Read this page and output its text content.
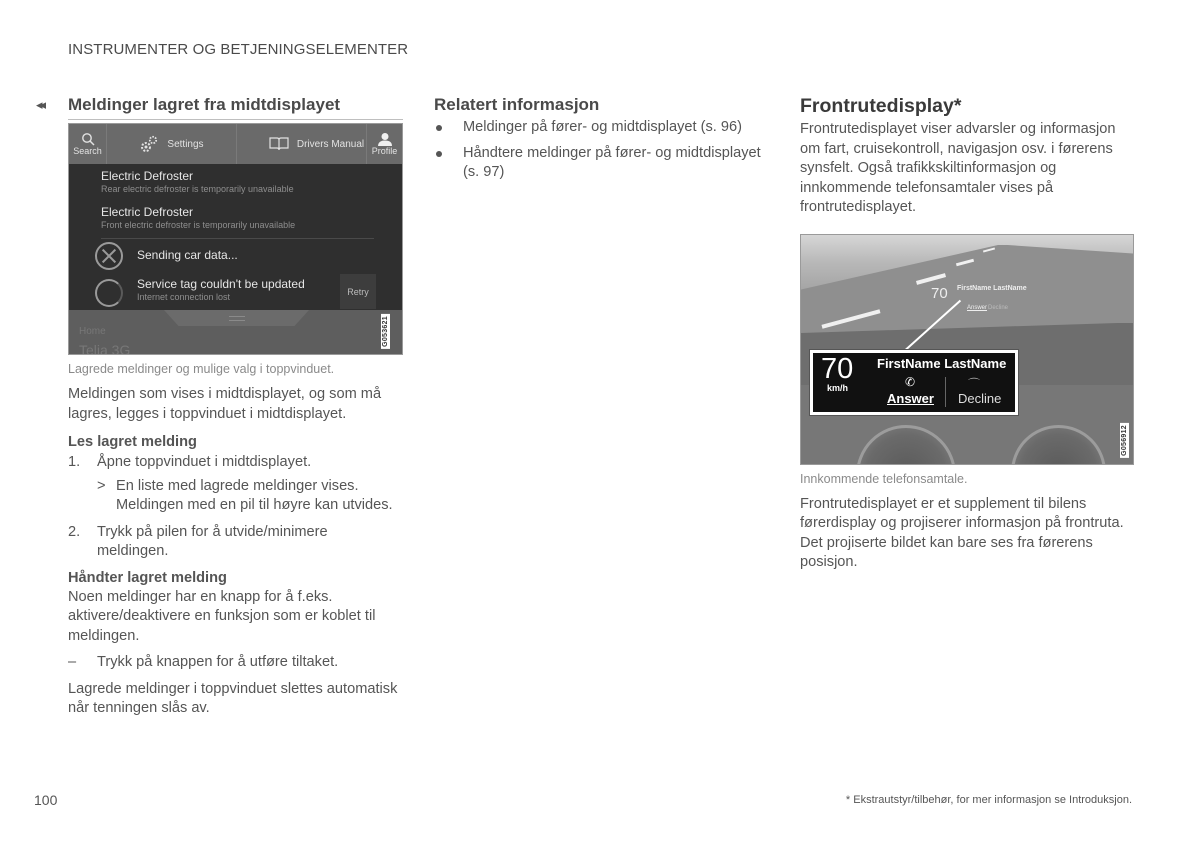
INSTRUMENTER OG BETJENINGSELEMENTER
◂◂ Meldinger lagret fra midtdisplayet
Search
Settings	Drivers Manual
Profile
Electric Defroster
Rear electric defroster is temporarily unavailable
Electric Defroster
Front electric defroster is temporarily unavailable
Sending car data...
Service tag couldn't be updated
Internet connection lost
Retry
Home
Telia 3G
G053621
Lagrede meldinger og mulige valg i toppvinduet.

Meldingen som vises i midtdisplayet, og som må lagres, legges i toppvinduet i midtdisplayet.

Les lagret melding
1. Åpne toppvinduet i midtdisplayet.
> En liste med lagrede meldinger vises. Meldingen med en pil til høyre kan utvides.
2. Trykk på pilen for å utvide/minimere meldingen.
Håndter lagret melding

Noen meldinger har en knapp for å f.eks. aktivere/deaktivere en funksjon som er koblet til meldingen.

– Trykk på knappen for å utføre tiltaket.

Lagrede meldinger i toppvinduet slettes automatisk når tenningen slås av.

Relatert informasjon
Meldinger på fører- og midtdisplayet (s. 96)
Håndtere meldinger på fører- og midtdisplayet (s. 97)
Frontrutedisplay*

Frontrutedisplayet viser advarsler og informasjon om fart, cruisekontroll, navigasjon osv. i førerens synsfelt. Også trafikkskiltinformasjon og innkommende telefonsamtaler vises på frontrutedisplayet.

70 FirstName LastName
Answer Decline
70
km/h
FirstName LastName
✆
Answer
⌒
Decline
G056912
Innkommende telefonsamtale.

Frontrutedisplayet er et supplement til bilens førerdisplay og projiserer informasjon på frontruta. Det projiserte bildet kan bare ses fra førerens posisjon.

100	* Ekstrautstyr/tilbehør, for mer informasjon se Introduksjon.
